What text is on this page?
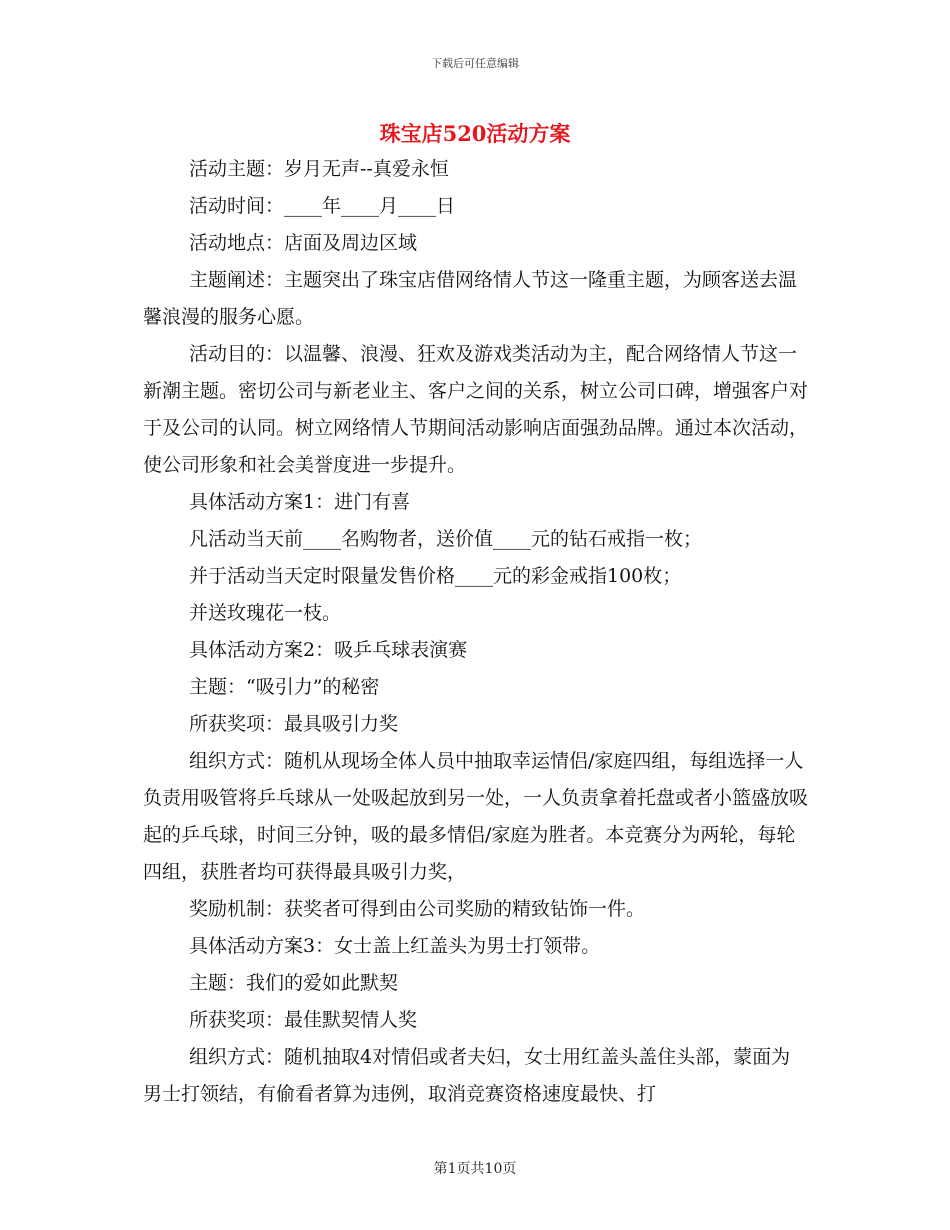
下载后可任意编辑
珠宝店520活动方案

活动主题：岁月无声--真爱永恒

活动时间：____年____月____日

活动地点：店面及周边区域

主题阐述：主题突出了珠宝店借网络情人节这一隆重主题，为顾客送去温馨浪漫的服务心愿。

活动目的：以温馨、浪漫、狂欢及游戏类活动为主，配合网络情人节这一新潮主题。密切公司与新老业主、客户之间的关系，树立公司口碑，增强客户对于及公司的认同。树立网络情人节期间活动影响店面强劲品牌。通过本次活动，使公司形象和社会美誉度进一步提升。

具体活动方案1：进门有喜

凡活动当天前____名购物者，送价值____元的钻石戒指一枚；

并于活动当天定时限量发售价格____元的彩金戒指100枚；

并送玫瑰花一枝。

具体活动方案2：吸乒乓球表演赛

主题：“吸引力”的秘密

所获奖项：最具吸引力奖

组织方式：随机从现场全体人员中抽取幸运情侣/家庭四组，每组选择一人负责用吸管将乒乓球从一处吸起放到另一处，一人负责拿着托盘或者小篮盛放吸起的乒乓球，时间三分钟，吸的最多情侣/家庭为胜者。本竞赛分为两轮，每轮四组，获胜者均可获得最具吸引力奖，

奖励机制：获奖者可得到由公司奖励的精致钻饰一件。

具体活动方案3：女士盖上红盖头为男士打领带。

主题：我们的爱如此默契

所获奖项：最佳默契情人奖

组织方式：随机抽取4对情侣或者夫妇，女士用红盖头盖住头部，蒙面为男士打领结，有偷看者算为违例，取消竞赛资格速度最快、打

第1页共10页
